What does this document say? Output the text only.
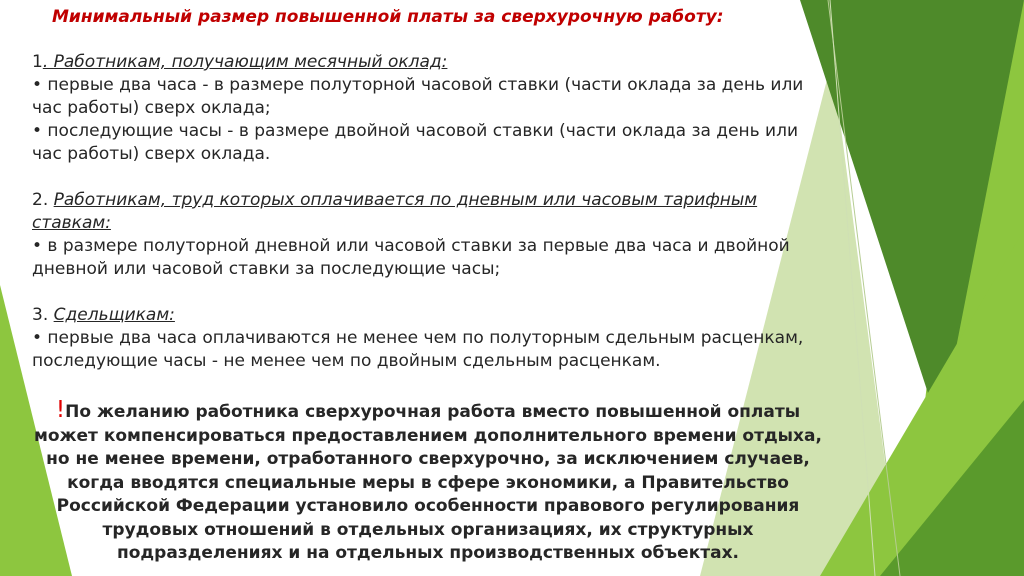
Минимальный размер повышенной платы за сверхурочную работу:

1. Работникам, получающим месячный оклад:

• первые два часа - в размере полуторной часовой ставки (части оклада за день или час работы) сверх оклада;

• последующие часы - в размере двойной часовой ставки (части оклада за день или час работы) сверх оклада.

2. Работникам, труд которых оплачивается по дневным или часовым тарифным ставкам:

• в размере полуторной дневной или часовой ставки за первые два часа и двойной дневной или часовой ставки за последующие часы;

3. Сдельщикам:

• первые два часа оплачиваются не менее чем по полуторным сдельным расценкам, последующие часы - не менее чем по двойным сдельным расценкам.

!По желанию работника сверхурочная работа вместо повышенной оплаты может компенсироваться предоставлением дополнительного времени отдыха, но не менее времени, отработанного сверхурочно, за исключением случаев, когда вводятся специальные меры в сфере экономики, а Правительство Российской Федерации установило особенности правового регулирования трудовых отношений в отдельных организациях, их структурных подразделениях и на отдельных производственных объектах.
